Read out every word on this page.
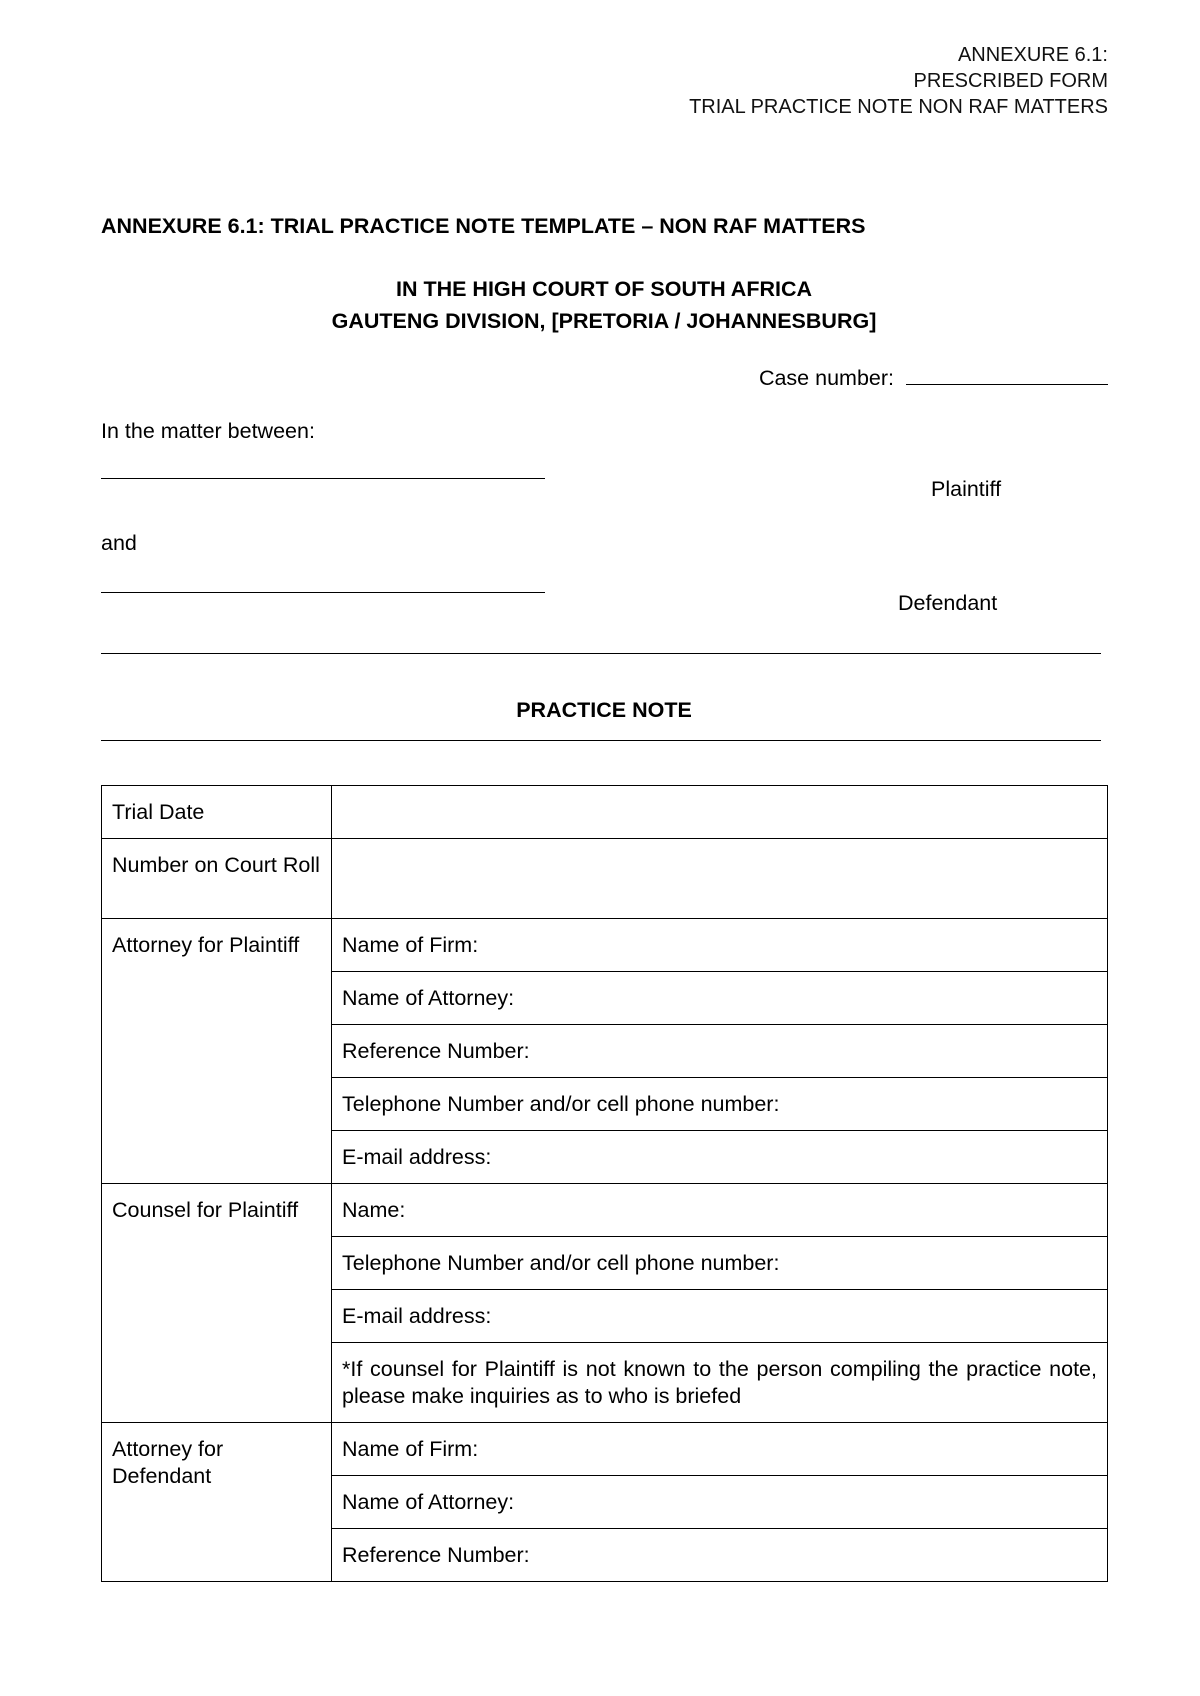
ANNEXURE 6.1:
PRESCRIBED FORM
TRIAL PRACTICE NOTE NON RAF MATTERS
ANNEXURE 6.1: TRIAL PRACTICE NOTE TEMPLATE – NON RAF MATTERS
IN THE HIGH COURT OF SOUTH AFRICA
GAUTENG DIVISION, [PRETORIA / JOHANNESBURG]
Case number:
In the matter between:
Plaintiff
and
Defendant
PRACTICE NOTE
Trial Date	

Number on Court Roll	

Attorney for Plaintiff	Name of Firm:

	Name of Attorney:

	Reference Number:

	Telephone Number and/or cell phone number:

	E-mail address:

Counsel for Plaintiff	Name:

	Telephone Number and/or cell phone number:

	E-mail address:

	*If counsel for Plaintiff is not known to the person compiling the practice note, please make inquiries as to who is briefed

Attorney for Defendant	Name of Firm:

	Name of Attorney:

	Reference Number:
